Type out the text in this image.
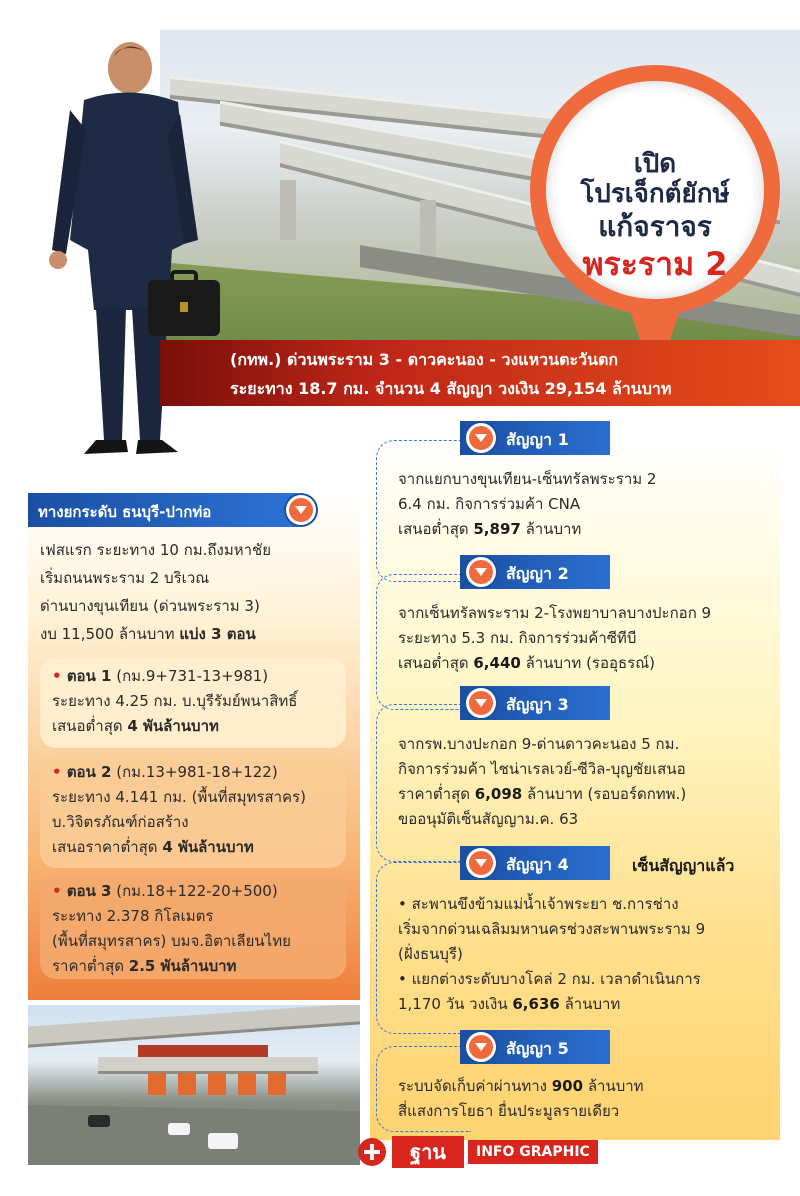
เปิด
โปรเจ็กต์ยักษ์
แก้จราจร
พระราม 2
(กทพ.) ด่วนพระราม 3 - ดาวคะนอง - วงแหวนตะวันตก
ระยะทาง 18.7 กม. จำนวน 4 สัญญา วงเงิน 29,154 ล้านบาท
สัญญา 1
จากแยกบางขุนเทียน-เซ็นทรัลพระราม 2
6.4 กม. กิจการร่วมค้า CNA
เสนอต่ำสุด 5,897 ล้านบาท
สัญญา 2
จากเซ็นทรัลพระราม 2-โรงพยาบาลบางปะกอก 9
ระยะทาง 5.3 กม. กิจการร่วมค้าซีทีบี
เสนอต่ำสุด 6,440 ล้านบาท (รออุธรณ์)
สัญญา 3
จากรพ.บางปะกอก 9-ด่านดาวคะนอง 5 กม.
กิจการร่วมค้า ไชน่าเรลเวย์-ซีวิล-บุญชัยเสนอ
ราคาต่ำสุด 6,098 ล้านบาท (รอบอร์ดกทพ.)
ขออนุมัติเซ็นสัญญาม.ค. 63
สัญญา 4
• สะพานขึงข้ามแม่น้ำเจ้าพระยา ช.การช่าง
เริ่มจากด่วนเฉลิมมหานครช่วงสะพานพระราม 9
(ฝั่งธนบุรี)
• แยกต่างระดับบางโคล่ 2 กม. เวลาดำเนินการ
1,170 วัน วงเงิน 6,636 ล้านบาท
เซ็นสัญญาแล้ว
สัญญา 5
ระบบจัดเก็บค่าผ่านทาง 900 ล้านบาท
สี่แสงการโยธา ยื่นประมูลรายเดียว
ทางยกระดับ ธนบุรี-ปากท่อ
เฟสแรก ระยะทาง 10 กม.ถึงมหาชัย
เริ่มถนนพระราม 2 บริเวณ
ด่านบางขุนเทียน (ด่วนพระราม 3)
งบ 11,500 ล้านบาท แบ่ง 3 ตอน
• ตอน 1 (กม.9+731-13+981)
ระยะทาง 4.25 กม. บ.บุรีรัมย์พนาสิทธิ์
เสนอต่ำสุด 4 พันล้านบาท
• ตอน 2 (กม.13+981-18+122)
ระยะทาง 4.141 กม. (พื้นที่สมุทรสาคร)
บ.วิจิตรภัณฑ์ก่อสร้าง
เสนอราคาต่ำสุด 4 พันล้านบาท
• ตอน 3 (กม.18+122-20+500)
ระะทาง 2.378 กิโลเมตร
(พื้นที่สมุทรสาคร) บมจ.อิตาเลียนไทย
ราคาต่ำสุด 2.5 พันล้านบาท
ฐาน	INFO GRAPHIC
